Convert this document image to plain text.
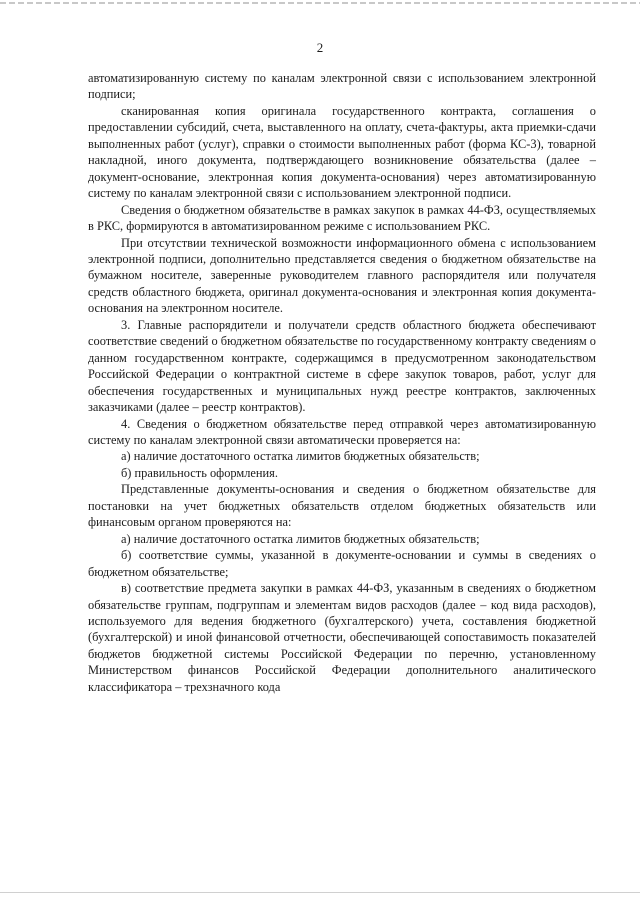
2

автоматизированную систему по каналам электронной связи с использованием электронной подписи;

сканированная копия оригинала государственного контракта, соглашения о предоставлении субсидий, счета, выставленного на оплату, счета-фактуры, акта приемки-сдачи выполненных работ (услуг), справки о стоимости выполненных работ (форма КС-3), товарной накладной, иного документа, подтверждающего возникновение обязательства (далее – документ-основание, электронная копия документа-основания) через автоматизированную систему по каналам электронной связи с использованием электронной подписи.

Сведения о бюджетном обязательстве в рамках закупок в рамках 44-ФЗ, осуществляемых в РКС, формируются в автоматизированном режиме с использованием РКС.

При отсутствии технической возможности информационного обмена с использованием электронной подписи, дополнительно представляется сведения о бюджетном обязательстве на бумажном носителе, заверенные руководителем главного распорядителя или получателя средств областного бюджета, оригинал документа-основания и электронная копия документа-основания на электронном носителе.

3. Главные распорядители и получатели средств областного бюджета обеспечивают соответствие сведений о бюджетном обязательстве по государственному контракту сведениям о данном государственном контракте, содержащимся в предусмотренном законодательством Российской Федерации о контрактной системе в сфере закупок товаров, работ, услуг для обеспечения государственных и муниципальных нужд реестре контрактов, заключенных заказчиками (далее – реестр контрактов).

4. Сведения о бюджетном обязательстве перед отправкой через автоматизированную систему по каналам электронной связи автоматически проверяется на:

а) наличие достаточного остатка лимитов бюджетных обязательств;

б) правильность оформления.

Представленные документы-основания и сведения о бюджетном обязательстве для постановки на учет бюджетных обязательств отделом бюджетных обязательств или финансовым органом проверяются на:

а) наличие достаточного остатка лимитов бюджетных обязательств;

б) соответствие суммы, указанной в документе-основании и суммы в сведениях о бюджетном обязательстве;

в) соответствие предмета закупки в рамках 44-ФЗ, указанным в сведениях о бюджетном обязательстве группам, подгруппам и элементам видов расходов (далее – код вида расходов), используемого для ведения бюджетного (бухгалтерского) учета, составления бюджетной (бухгалтерской) и иной финансовой отчетности, обеспечивающей сопоставимость показателей бюджетов бюджетной системы Российской Федерации по перечню, установленному Министерством финансов Российской Федерации дополнительного аналитического классификатора – трехзначного кода
